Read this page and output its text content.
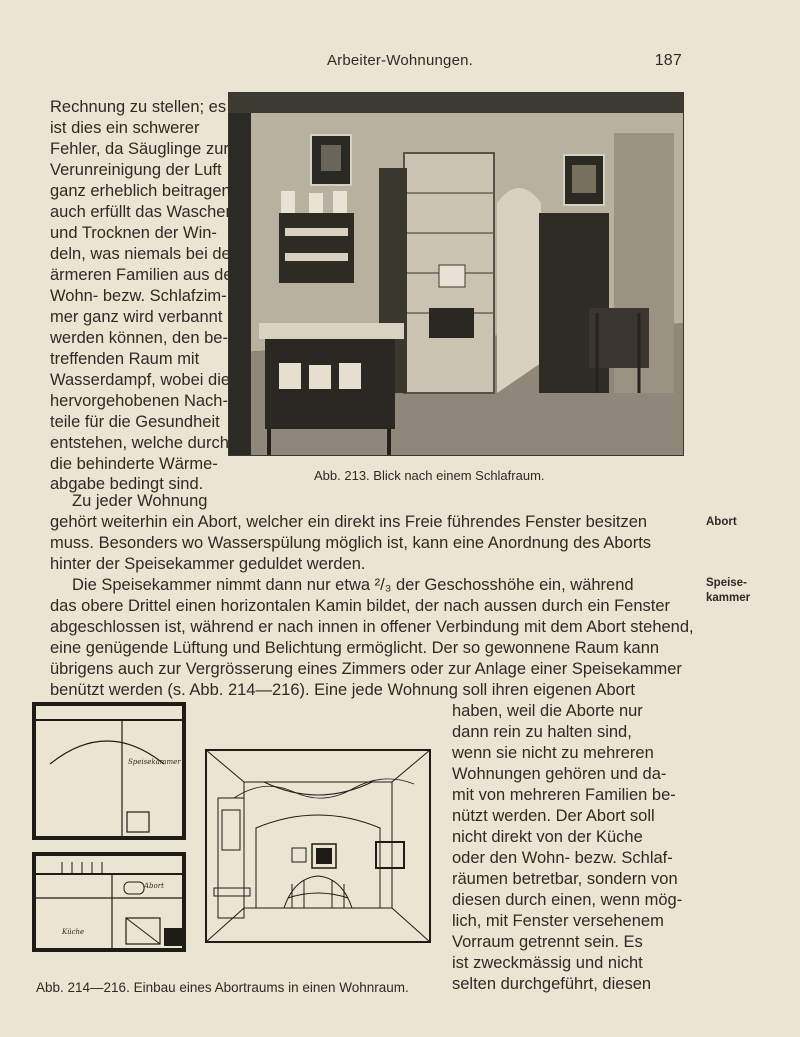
Arbeiter-Wohnungen.	187
Abb. 213. Blick nach einem Schlafraum.
Rechnung zu stellen; es
ist dies ein schwerer
Fehler, da Säuglinge zur
Verunreinigung der Luft
ganz erheblich beitragen;
auch erfüllt das Waschen
und Trocknen der Win-
deln, was niemals bei den
ärmeren Familien aus dem
Wohn- bezw. Schlafzim-
mer ganz wird verbannt
werden können, den be-
treffenden Raum mit
Wasserdampf, wobei die
hervorgehobenen Nach-
teile für die Gesundheit
entstehen, welche durch
die behinderte Wärme-
abgabe bedingt sind.
Zu jeder Wohnung
gehört weiterhin ein Abort, welcher ein direkt ins Freie führendes Fenster besitzen
muss. Besonders wo Wasserspülung möglich ist, kann eine Anordnung des Aborts
hinter der Speisekammer geduldet werden.
Die Speisekammer nimmt dann nur etwa ²/₃ der Geschosshöhe ein, während
das obere Drittel einen horizontalen Kamin bildet, der nach aussen durch ein Fenster
abgeschlossen ist, während er nach innen in offener Verbindung mit dem Abort stehend,
eine genügende Lüftung und Belichtung ermöglicht. Der so gewonnene Raum kann
übrigens auch zur Vergrösserung eines Zimmers oder zur Anlage einer Speisekammer
benützt werden (s. Abb. 214—216). Eine jede Wohnung soll ihren eigenen Abort
Abort
Speise-
kammer
Speisekammer
Abort
Küche
haben, weil die Aborte nur
dann rein zu halten sind,
wenn sie nicht zu mehreren
Wohnungen gehören und da-
mit von mehreren Familien be-
nützt werden. Der Abort soll
nicht direkt von der Küche
oder den Wohn- bezw. Schlaf-
räumen betretbar, sondern von
diesen durch einen, wenn mög-
lich, mit Fenster versehenem
Vorraum getrennt sein. Es
ist zweckmässig und nicht
selten durchgeführt, diesen
Abb. 214—216. Einbau eines Abortraums in einen Wohnraum.
